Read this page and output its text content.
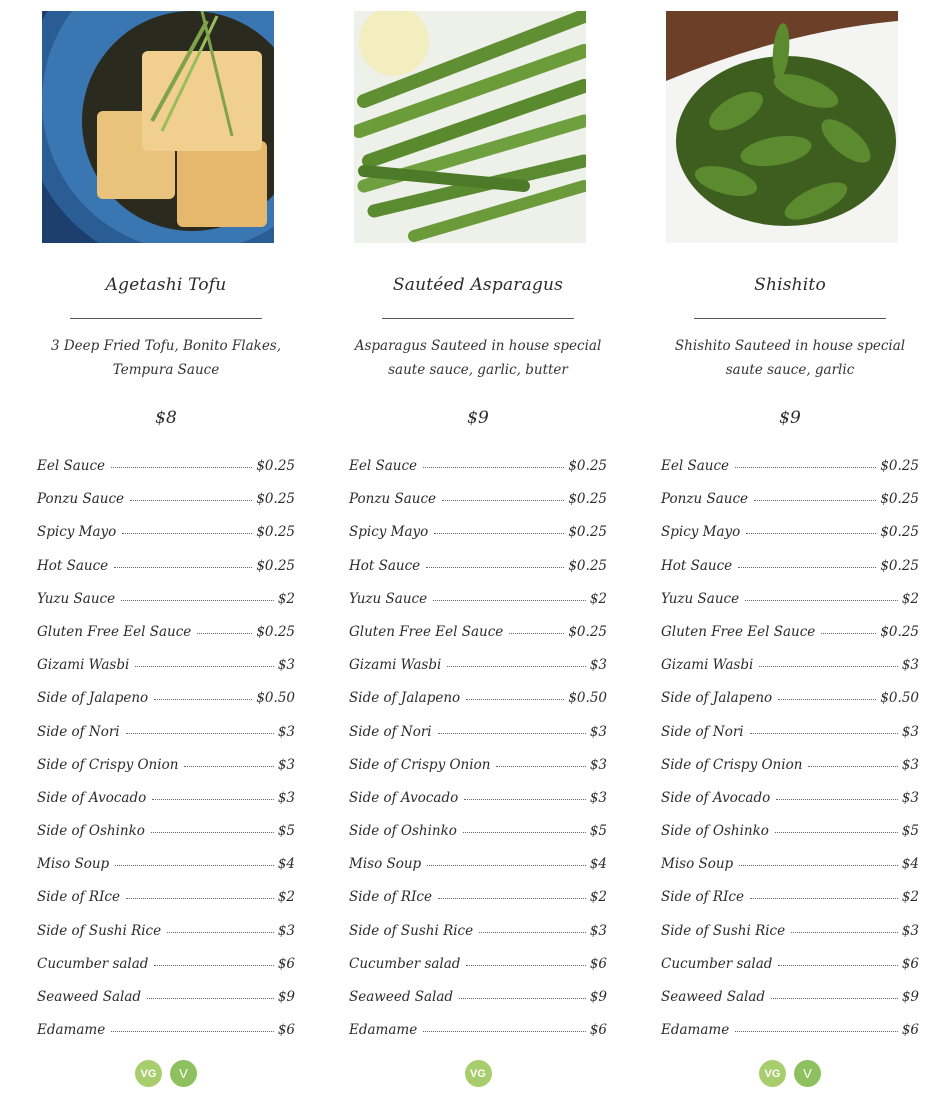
Agetashi Tofu
3 Deep Fried Tofu, Bonito Flakes, Tempura Sauce
$8
Eel Sauce	$0.25
Ponzu Sauce	$0.25
Spicy Mayo	$0.25
Hot Sauce	$0.25
Yuzu Sauce	$2
Gluten Free Eel Sauce	$0.25
Gizami Wasbi	$3
Side of Jalapeno	$0.50
Side of Nori	$3
Side of Crispy Onion	$3
Side of Avocado	$3
Side of Oshinko	$5
Miso Soup	$4
Side of RIce	$2
Side of Sushi Rice	$3
Cucumber salad	$6
Seaweed Salad	$9
Edamame	$6
VG	V
Sautéed Asparagus
Asparagus Sauteed in house special saute sauce, garlic, butter
$9
Eel Sauce	$0.25
Ponzu Sauce	$0.25
Spicy Mayo	$0.25
Hot Sauce	$0.25
Yuzu Sauce	$2
Gluten Free Eel Sauce	$0.25
Gizami Wasbi	$3
Side of Jalapeno	$0.50
Side of Nori	$3
Side of Crispy Onion	$3
Side of Avocado	$3
Side of Oshinko	$5
Miso Soup	$4
Side of RIce	$2
Side of Sushi Rice	$3
Cucumber salad	$6
Seaweed Salad	$9
Edamame	$6
VG
Shishito
Shishito Sauteed in house special saute sauce, garlic
$9
Eel Sauce	$0.25
Ponzu Sauce	$0.25
Spicy Mayo	$0.25
Hot Sauce	$0.25
Yuzu Sauce	$2
Gluten Free Eel Sauce	$0.25
Gizami Wasbi	$3
Side of Jalapeno	$0.50
Side of Nori	$3
Side of Crispy Onion	$3
Side of Avocado	$3
Side of Oshinko	$5
Miso Soup	$4
Side of RIce	$2
Side of Sushi Rice	$3
Cucumber salad	$6
Seaweed Salad	$9
Edamame	$6
VG	V
